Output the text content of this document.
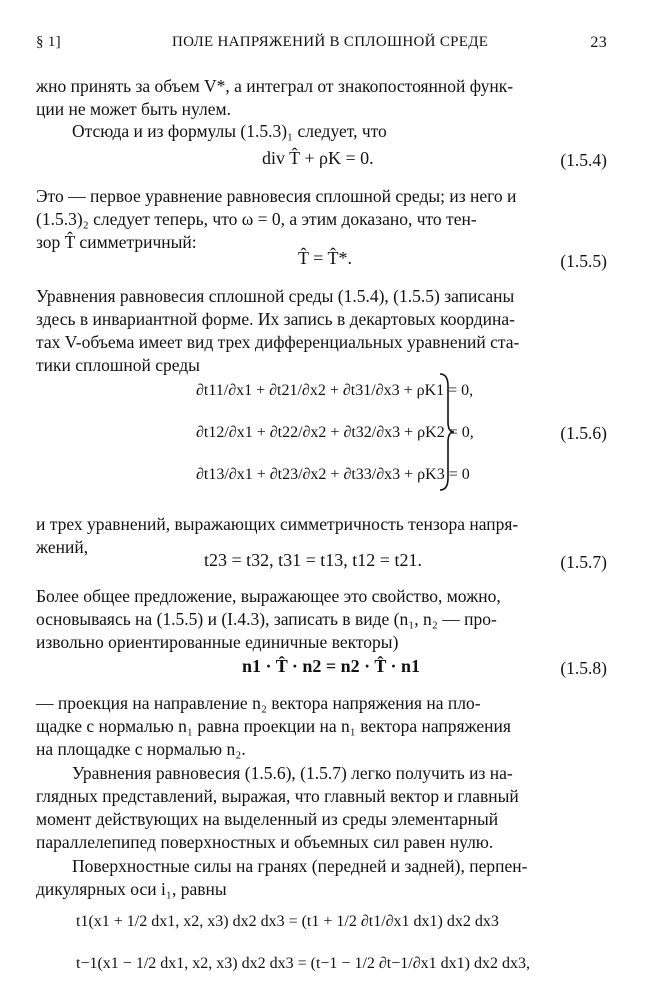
§ 1]	ПОЛЕ НАПРЯЖЕНИЙ В СПЛОШНОЙ СРЕДЕ	23
жно принять за объем V*, а интеграл от знакопостоянной функ-
ции не может быть нулем.
Отсюда и из формулы (1.5.3)₁ следует, что
div T̂ + ρK = 0.	(1.5.4)
Это — первое уравнение равновесия сплошной среды; из него и
(1.5.3)₂ следует теперь, что ω = 0, а этим доказано, что тен-
зор T̂ симметричный:
T̂ = T̂*.	(1.5.5)
Уравнения равновесия сплошной среды (1.5.4), (1.5.5) записаны
здесь в инвариантной форме. Их запись в декартовых координа-
тах V-объема имеет вид трех дифференциальных уравнений ста-
тики сплошной среды
∂t11/∂x1 + ∂t21/∂x2 + ∂t31/∂x3 + ρK1 = 0,
∂t12/∂x1 + ∂t22/∂x2 + ∂t32/∂x3 + ρK2 = 0,
∂t13/∂x1 + ∂t23/∂x2 + ∂t33/∂x3 + ρK3 = 0
(1.5.6)
и трех уравнений, выражающих симметричность тензора напря-
жений,
t23 = t32, t31 = t13, t12 = t21.	(1.5.7)
Более общее предложение, выражающее это свойство, можно,
основываясь на (1.5.5) и (I.4.3), записать в виде (n₁, n₂ — про-
извольно ориентированные единичные векторы)
n1 · T̂ · n2 = n2 · T̂ · n1	(1.5.8)
— проекция на направление n₂ вектора напряжения на пло-
щадке с нормалью n₁ равна проекции на n₁ вектора напряжения
на площадке с нормалью n₂.
Уравнения равновесия (1.5.6), (1.5.7) легко получить из на-
глядных представлений, выражая, что главный вектор и главный
момент действующих на выделенный из среды элементарный
параллелепипед поверхностных и объемных сил равен нулю.
Поверхностные силы на гранях (передней и задней), перпен-
дикулярных оси i₁, равны
t1(x1 + 1/2 dx1, x2, x3) dx2 dx3 = (t1 + 1/2 ∂t1/∂x1 dx1) dx2 dx3
t−1(x1 − 1/2 dx1, x2, x3) dx2 dx3 = (t−1 − 1/2 ∂t−1/∂x1 dx1) dx2 dx3,
